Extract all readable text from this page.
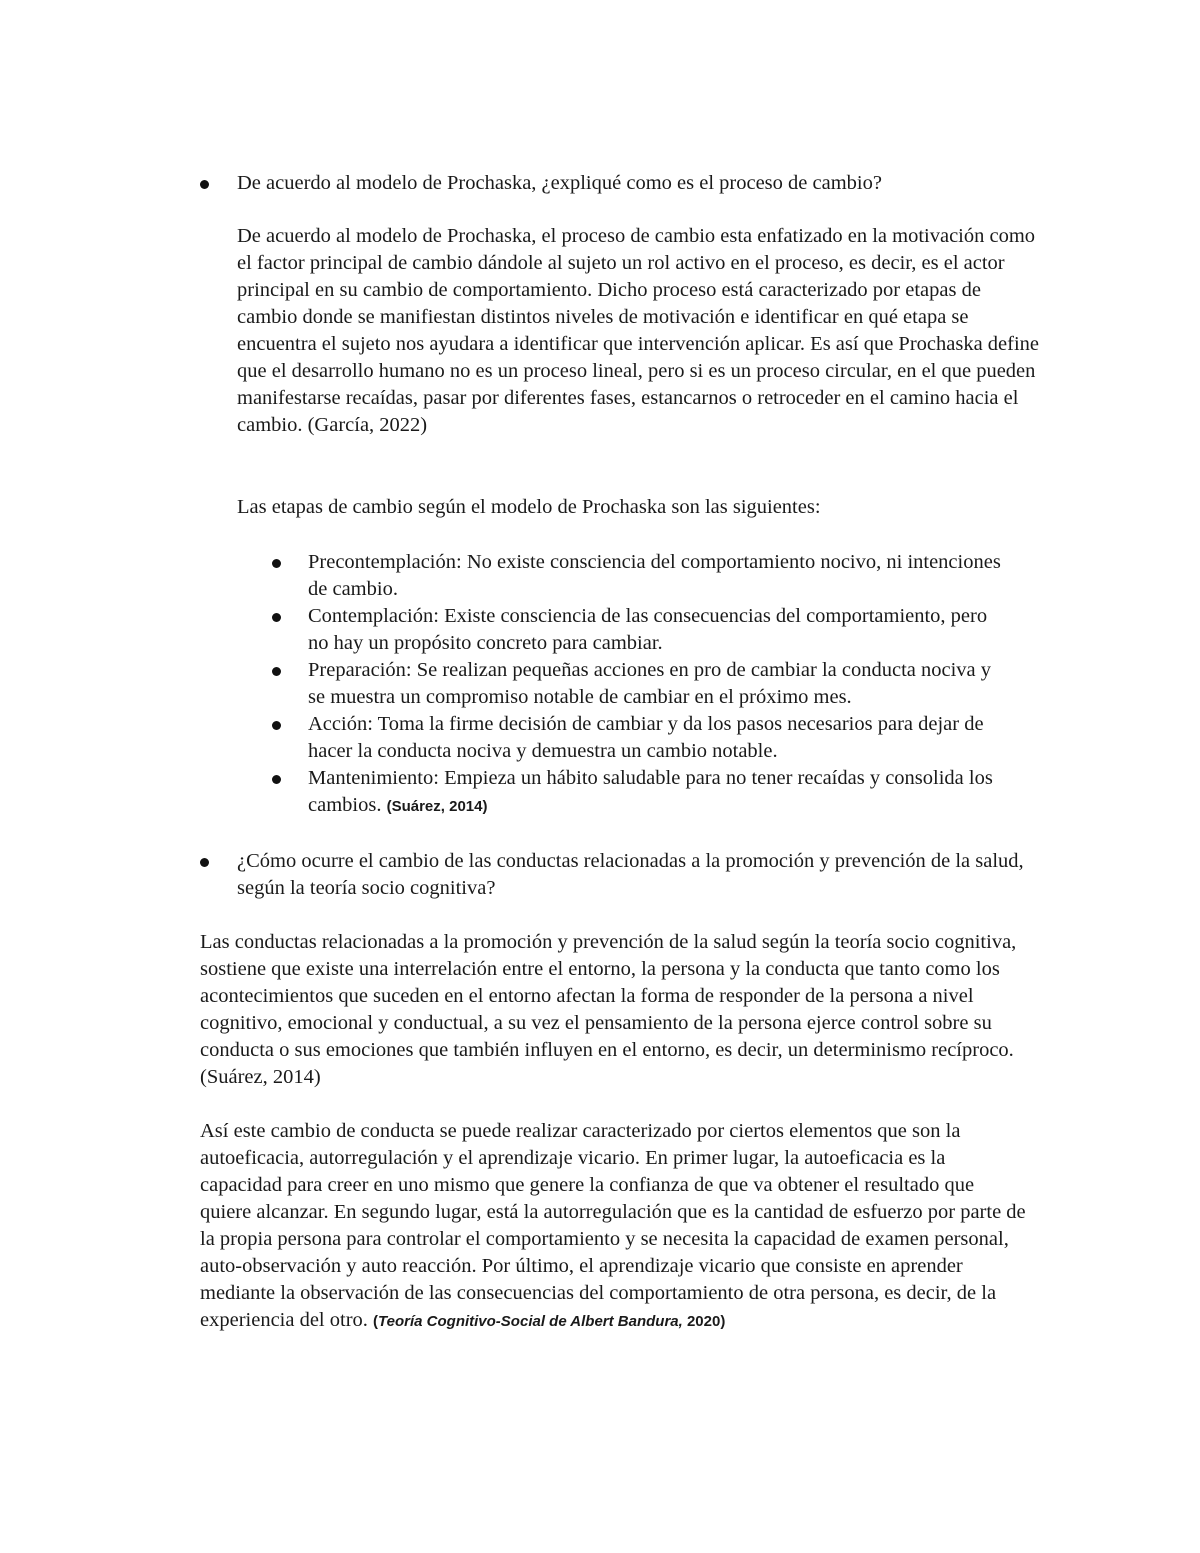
De acuerdo al modelo de Prochaska, ¿expliqué como es el proceso de cambio?

De acuerdo al modelo de Prochaska, el proceso de cambio esta enfatizado en la motivación como el factor principal de cambio dándole al sujeto un rol activo en el proceso, es decir, es el actor principal en su cambio de comportamiento. Dicho proceso está caracterizado por etapas de cambio donde se manifiestan distintos niveles de motivación e identificar en qué etapa se encuentra el sujeto nos ayudara a identificar que intervención aplicar. Es así que Prochaska define que el desarrollo humano no es un proceso lineal, pero si es un proceso circular, en el que pueden manifestarse recaídas, pasar por diferentes fases, estancarnos o retroceder en el camino hacia el cambio. (García, 2022)

Las etapas de cambio según el modelo de Prochaska son las siguientes:

Precontemplación: No existe consciencia del comportamiento nocivo, ni intenciones de cambio.
Contemplación: Existe consciencia de las consecuencias del comportamiento, pero no hay un propósito concreto para cambiar.
Preparación: Se realizan pequeñas acciones en pro de cambiar la conducta nociva y se muestra un compromiso notable de cambiar en el próximo mes.
Acción: Toma la firme decisión de cambiar y da los pasos necesarios para dejar de hacer la conducta nociva y demuestra un cambio notable.
Mantenimiento: Empieza un hábito saludable para no tener recaídas y consolida los cambios. (Suárez, 2014)
¿Cómo ocurre el cambio de las conductas relacionadas a la promoción y prevención de la salud, según la teoría socio cognitiva?

Las conductas relacionadas a la promoción y prevención de la salud según la teoría socio cognitiva, sostiene que existe una interrelación entre el entorno, la persona y la conducta que tanto como los acontecimientos que suceden en el entorno afectan la forma de responder de la persona a nivel cognitivo, emocional y conductual, a su vez el pensamiento de la persona ejerce control sobre su conducta o sus emociones que también influyen en el entorno, es decir, un determinismo recíproco. (Suárez, 2014)

Así este cambio de conducta se puede realizar caracterizado por ciertos elementos que son la autoeficacia, autorregulación y el aprendizaje vicario. En primer lugar, la autoeficacia es la capacidad para creer en uno mismo que genere la confianza de que va obtener el resultado que quiere alcanzar. En segundo lugar, está la autorregulación que es la cantidad de esfuerzo por parte de la propia persona para controlar el comportamiento y se necesita la capacidad de examen personal, auto-observación y auto reacción. Por último, el aprendizaje vicario que consiste en aprender mediante la observación de las consecuencias del comportamiento de otra persona, es decir, de la experiencia del otro. (Teoría Cognitivo-Social de Albert Bandura, 2020)
